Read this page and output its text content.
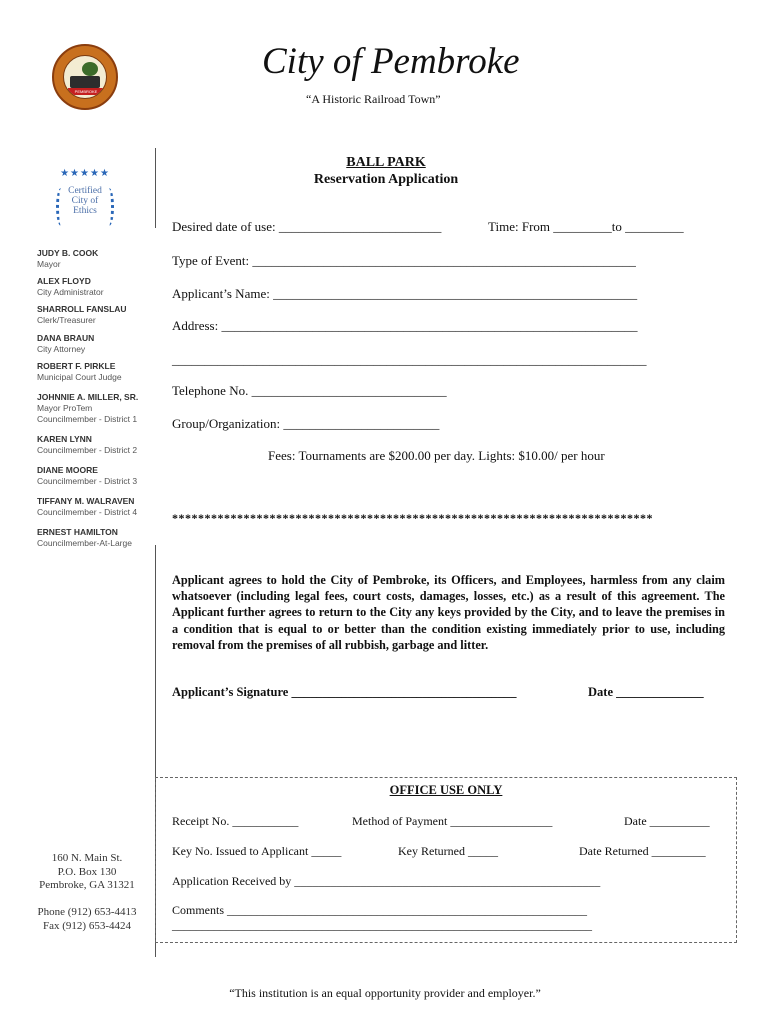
PEMBROKE
City of Pembroke
“A Historic Railroad Town”
★★★★★
Certified
City of
Ethics
JUDY B. COOK
Mayor
ALEX FLOYD
City Administrator
SHARROLL FANSLAU
Clerk/Treasurer
DANA BRAUN
City Attorney
ROBERT F. PIRKLE
Municipal Court Judge
JOHNNIE A. MILLER, SR.
Mayor ProTem
Councilmember - District 1
KAREN LYNN
Councilmember - District 2
DIANE MOORE
Councilmember - District 3
TIFFANY M. WALRAVEN
Councilmember - District 4
ERNEST HAMILTON
Councilmember-At-Large
160 N. Main St.
P.O. Box 130
Pembroke, GA 31321
Phone (912) 653-4413
Fax (912) 653-4424
BALL PARK
Reservation Application
Desired date of use: _________________________	Time: From _________to _________
Type of Event: ___________________________________________________________
Applicant’s Name: ________________________________________________________
Address: ________________________________________________________________
_________________________________________________________________________
Telephone No. ______________________________
Group/Organization: ________________________
Fees: Tournaments are $200.00 per day. Lights: $10.00/ per hour
**************************************************************************
Applicant agrees to hold the City of Pembroke, its Officers, and Employees, harmless from any claim whatsoever (including legal fees, court costs, damages, losses, etc.) as a result of this agreement. The Applicant further agrees to return to the City any keys provided by the City, and to leave the premises in a condition that is equal to or better than the condition existing immediately prior to use, including removal from the premises of all rubbish, garbage and litter.
Applicant’s Signature ____________________________________	Date ______________
OFFICE USE ONLY
Receipt No. ___________	Method of Payment _________________	Date __________
Key No. Issued to Applicant _____	Key Returned _____	Date Returned _________
Application Received by ___________________________________________________
Comments ____________________________________________________________
______________________________________________________________________
“This institution is an equal opportunity provider and employer.”
